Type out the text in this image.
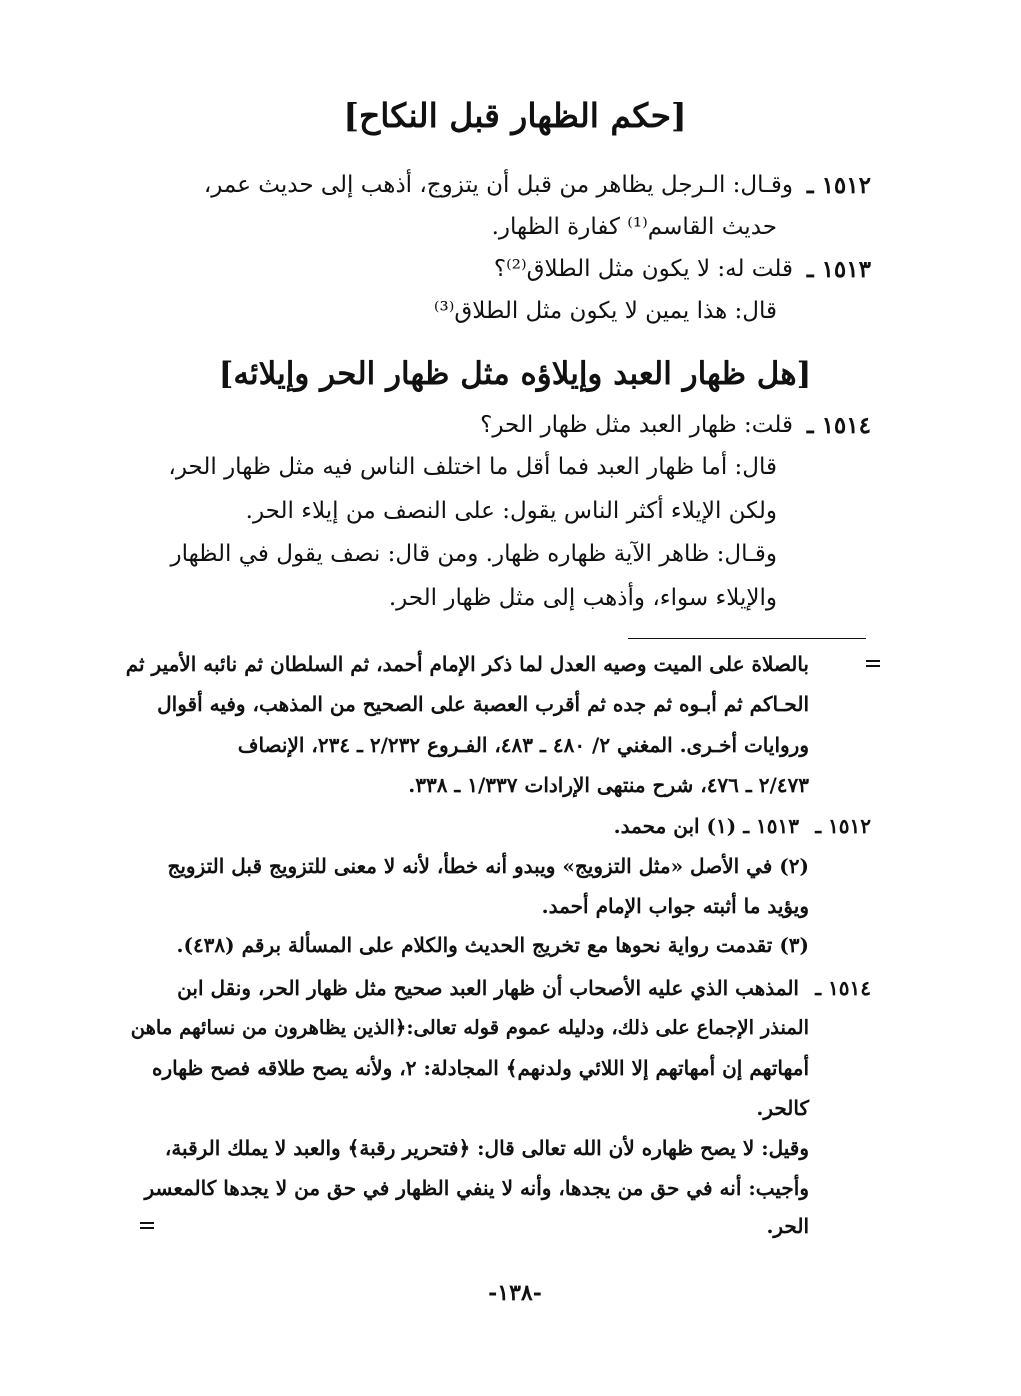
[حكم الظهار قبل النكاح]
١٥١٢ ـ
وقـال: الـرجل يظاهر من قبل أن يتزوج، أذهب إلى حديث عمر،
حديث القاسم⁽¹⁾ كفارة الظهار.
١٥١٣ ـ
قلت له: لا يكون مثل الطلاق⁽²⁾؟
قال: هذا يمين لا يكون مثل الطلاق⁽³⁾
[هل ظهار العبد وإيلاؤه مثل ظهار الحر وإيلائه]
١٥١٤ ـ
قلت: ظهار العبد مثل ظهار الحر؟
قال: أما ظهار العبد فما أقل ما اختلف الناس فيه مثل ظهار الحر،
ولكن الإيلاء أكثر الناس يقول: على النصف من إيلاء الحر.
وقـال: ظاهر الآية ظهاره ظهار. ومن قال: نصف يقول في الظهار
والإيلاء سواء، وأذهب إلى مثل ظهار الحر.
بالصلاة على الميت وصيه العدل لما ذكر الإمام أحمد، ثم السلطان ثم نائبه الأمير ثم
الحـاكم ثم أبـوه ثم جده ثم أقرب العصبة على الصحيح من المذهب، وفيه أقوال
وروايات أخـرى. المغني ٢/ ٤٨٠ ـ ٤٨٣، الفـروع ٢/٢٣٢ ـ ٢٣٤، الإنصاف
٢/٤٧٣ ـ ٤٧٦، شرح منتهى الإرادات ١/٣٣٧ ـ ٣٣٨.
١٥١٢ ـ
١٥١٣ ـ (١) ابن محمد.
(٢) في الأصل «مثل التزويج» ويبدو أنه خطأ، لأنه لا معنى للتزويج قبل التزويج
ويؤيد ما أثبته جواب الإمام أحمد.
(٣) تقدمت رواية نحوها مع تخريج الحديث والكلام على المسألة برقم (٤٣٨).
١٥١٤ ـ
المذهب الذي عليه الأصحاب أن ظهار العبد صحيح مثل ظهار الحر، ونقل ابن
المنذر الإجماع على ذلك، ودليله عموم قوله تعالى:﴿الذين يظاهرون من نسائهم ماهن
أمهاتهم إن أمهاتهم إلا اللائي ولدنهم﴾ المجادلة: ٢، ولأنه يصح طلاقه فصح ظهاره
كالحر.
وقيل: لا يصح ظهاره لأن الله تعالى قال: ﴿فتحرير رقبة﴾ والعبد لا يملك الرقبة،
وأجيب: أنه في حق من يجدها، وأنه لا ينفي الظهار في حق من لا يجدها كالمعسر
الحر.
-١٣٨-
